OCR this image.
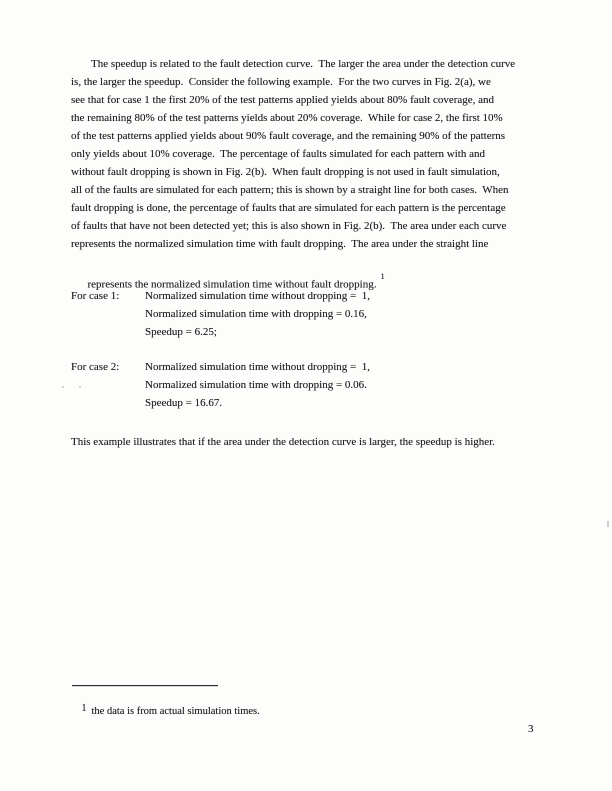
The speedup is related to the fault detection curve.  The larger the area under the detection curve
is, the larger the speedup.  Consider the following example.  For the two curves in Fig. 2(a), we
see that for case 1 the first 20% of the test patterns applied yields about 80% fault coverage, and
the remaining 80% of the test patterns yields about 20% coverage.  While for case 2, the first 10%
of the test patterns applied yields about 90% fault coverage, and the remaining 90% of the patterns
only yields about 10% coverage.  The percentage of faults simulated for each pattern with and
without fault dropping is shown in Fig. 2(b).  When fault dropping is not used in fault simulation,
all of the faults are simulated for each pattern; this is shown by a straight line for both cases.  When
fault dropping is done, the percentage of faults that are simulated for each pattern is the percentage
of faults that have not been detected yet; this is also shown in Fig. 2(b).  The area under each curve
represents the normalized simulation time with fault dropping.  The area under the straight line

represents the normalized simulation time without fault dropping.$^1$

For case 1: Normalized simulation time without dropping =  1,
Normalized simulation time with dropping = 0.16,
Speedup = 6.25;
For case 2: Normalized simulation time without dropping =  1,
Normalized simulation time with dropping = 0.06.
Speedup = 16.67.
This example illustrates that if the area under the detection curve is larger, the speedup is higher.

1 the data is from actual simulation times.

3
